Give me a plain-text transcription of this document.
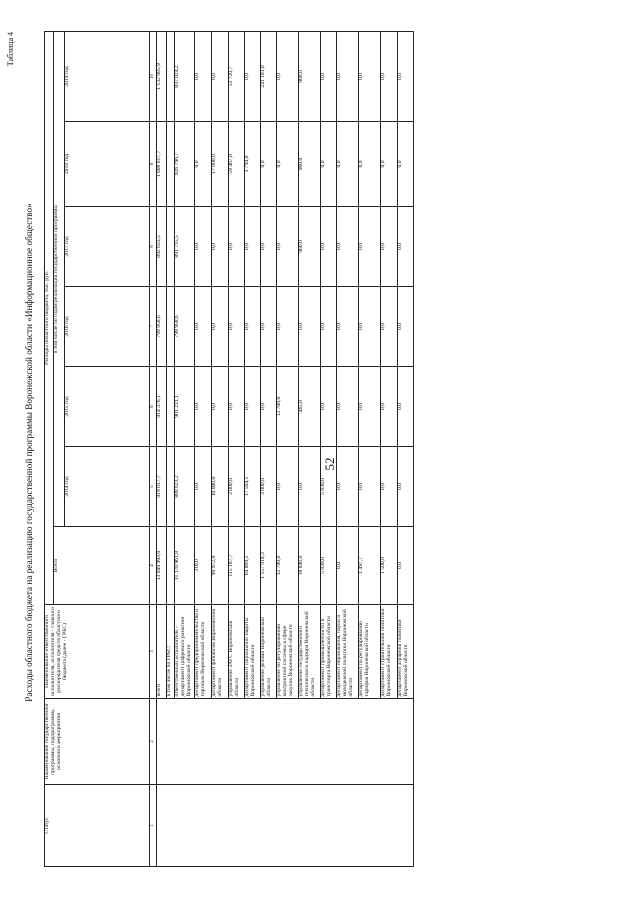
52
Таблица 4
Расходы областного бюджета на реализацию государственной программы Воронежской области «Информационное общество»
Статус	Наименование государственной программы, подпрограммы, основного мероприятия	Наименование ответственного исполнителя, исполнителя - главного распорядителя средств областного бюджета (далее - ГРБС)	Расходы областного бюджета, тыс. руб.						
			Всего	в том числе по годам реализации государственной программы					
				2014 год	2015 год	2016 год	2017 год	2018 год	2019 год
1	2	3	4	5	6	7	8	9	10
		всего	13 049 993,0	919 017,7	914 376,1	799 958,6	892 633,5	1 008 017,7	1 132 885,9
		в том числе по ГРБС:							
		ответственный исполнитель - департамент цифрового развития Воронежской области	11 170 961,8	880 623,2	901 231,1	799 958,6	891 735,5	926 796,7	837 024,2
		департамент предпринимательства и торговли Воронежской области	310,0	0,0	0,0	0,0	0,0	0,0	0,0
		департамент финансов Воронежской области	99 972,0	10 000,0	0,0	0,0	0,0	17 000,0	0,0
		управление ЗАГС Воронежской области	115 187,7	2 000,0	0,0	0,0	0,0	59 467,0	53 720,7
		департамент социальной защиты Воронежской области	64 869,5	17 564,5	0,0	0,0	0,0	3 794,0	0,0
		управление делами Воронежской области	1 557 918,3	3 000,0	0,0	0,0	0,0	0,0	241 181,0
		управление по регулированию контрактной системы в сфере закупок Воронежской области	12 700,0	0,0	12 700,0	0,0	0,0	0,0	0,0
		управление государственного технического надзора Воронежской области	18 846,0	0,0	445,0	0,0	960,0	960,0	960,0
		департамент промышленности и транспорта Воронежской области	5 830,0	5 830,0	0,0	0,0	0,0	0,0	0,0
		департамент образования, науки и молодежной политики Воронежской области	0,0	0,0	0,0	0,0	0,0	0,0	0,0
		департамент по регулированию тарифов Воронежской области	1 497,7	0,0	0,0	0,0	0,0	0,0	0,0
		департамент строительной политики Воронежской области	1 500,0	0,0	0,0	0,0	0,0	0,0	0,0
		департамент аграрной политики Воронежской области	0,0	0,0	0,0	0,0	0,0	0,0	0,0
